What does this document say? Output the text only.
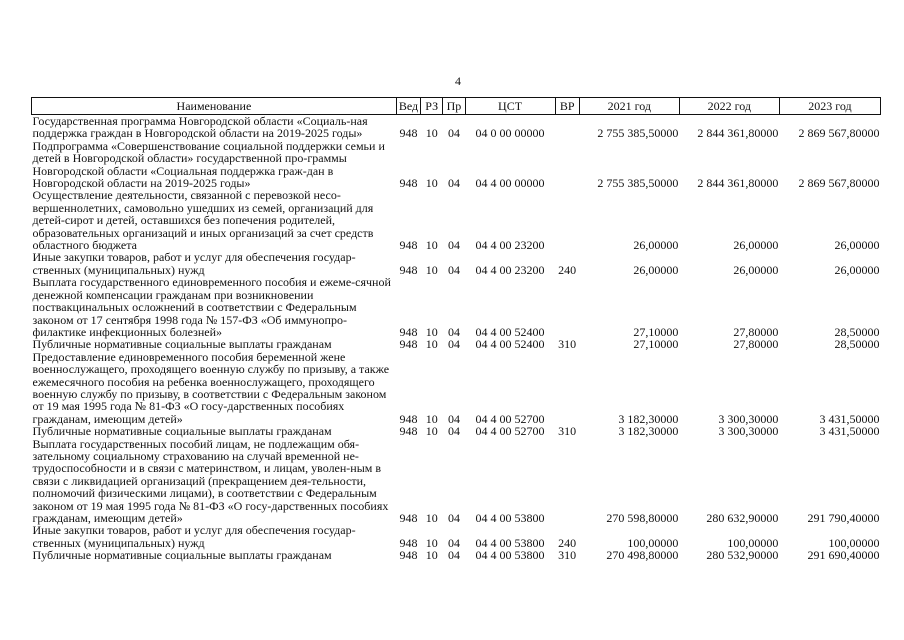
4
Наименование	Вед	РЗ	Пр	ЦСТ	ВР	2021 год	2022 год	2023 год
Государственная программа Новгородской области «Социаль-ная поддержка граждан в Новгородской области на 2019-2025 годы»	948	10	04	04 0 00 00000		2 755 385,50000	2 844 361,80000	2 869 567,80000
Подпрограмма «Совершенствование социальной поддержки семьи и детей в Новгородской области» государственной про-граммы Новгородской области «Социальная поддержка граж-дан в Новгородской области на 2019-2025 годы»	948	10	04	04 4 00 00000		2 755 385,50000	2 844 361,80000	2 869 567,80000
Осуществление деятельности, связанной с перевозкой несо-вершеннолетних, самовольно ушедших из семей, организаций для детей-сирот и детей, оставшихся без попечения родителей, образовательных организаций и иных организаций за счет средств областного бюджета	948	10	04	04 4 00 23200		26,00000	26,00000	26,00000
Иные закупки товаров, работ и услуг для обеспечения государ-ственных (муниципальных) нужд	948	10	04	04 4 00 23200	240	26,00000	26,00000	26,00000
Выплата государственного единовременного пособия и ежеме-сячной денежной компенсации гражданам при возникновении поствакцинальных осложнений в соответствии с Федеральным законом от 17 сентября 1998 года № 157-ФЗ «Об иммунопро-филактике инфекционных болезней»	948	10	04	04 4 00 52400		27,10000	27,80000	28,50000
Публичные нормативные социальные выплаты гражданам	948	10	04	04 4 00 52400	310	27,10000	27,80000	28,50000
Предоставление единовременного пособия беременной жене военнослужащего, проходящего военную службу по призыву, а также ежемесячного пособия на ребенка военнослужащего, проходящего военную службу по призыву, в соответствии с Федеральным законом от 19 мая 1995 года № 81-ФЗ «О госу-дарственных пособиях гражданам, имеющим детей»	948	10	04	04 4 00 52700		3 182,30000	3 300,30000	3 431,50000
Публичные нормативные социальные выплаты гражданам	948	10	04	04 4 00 52700	310	3 182,30000	3 300,30000	3 431,50000
Выплата государственных пособий лицам, не подлежащим обя-зательному социальному страхованию на случай временной не-трудоспособности и в связи с материнством, и лицам, уволен-ным в связи с ликвидацией организаций (прекращением дея-тельности, полномочий физическими лицами), в соответствии с Федеральным законом от 19 мая 1995 года № 81-ФЗ «О госу-дарственных пособиях гражданам, имеющим детей»	948	10	04	04 4 00 53800		270 598,80000	280 632,90000	291 790,40000
Иные закупки товаров, работ и услуг для обеспечения государ-ственных (муниципальных) нужд	948	10	04	04 4 00 53800	240	100,00000	100,00000	100,00000
Публичные нормативные социальные выплаты гражданам	948	10	04	04 4 00 53800	310	270 498,80000	280 532,90000	291 690,40000
